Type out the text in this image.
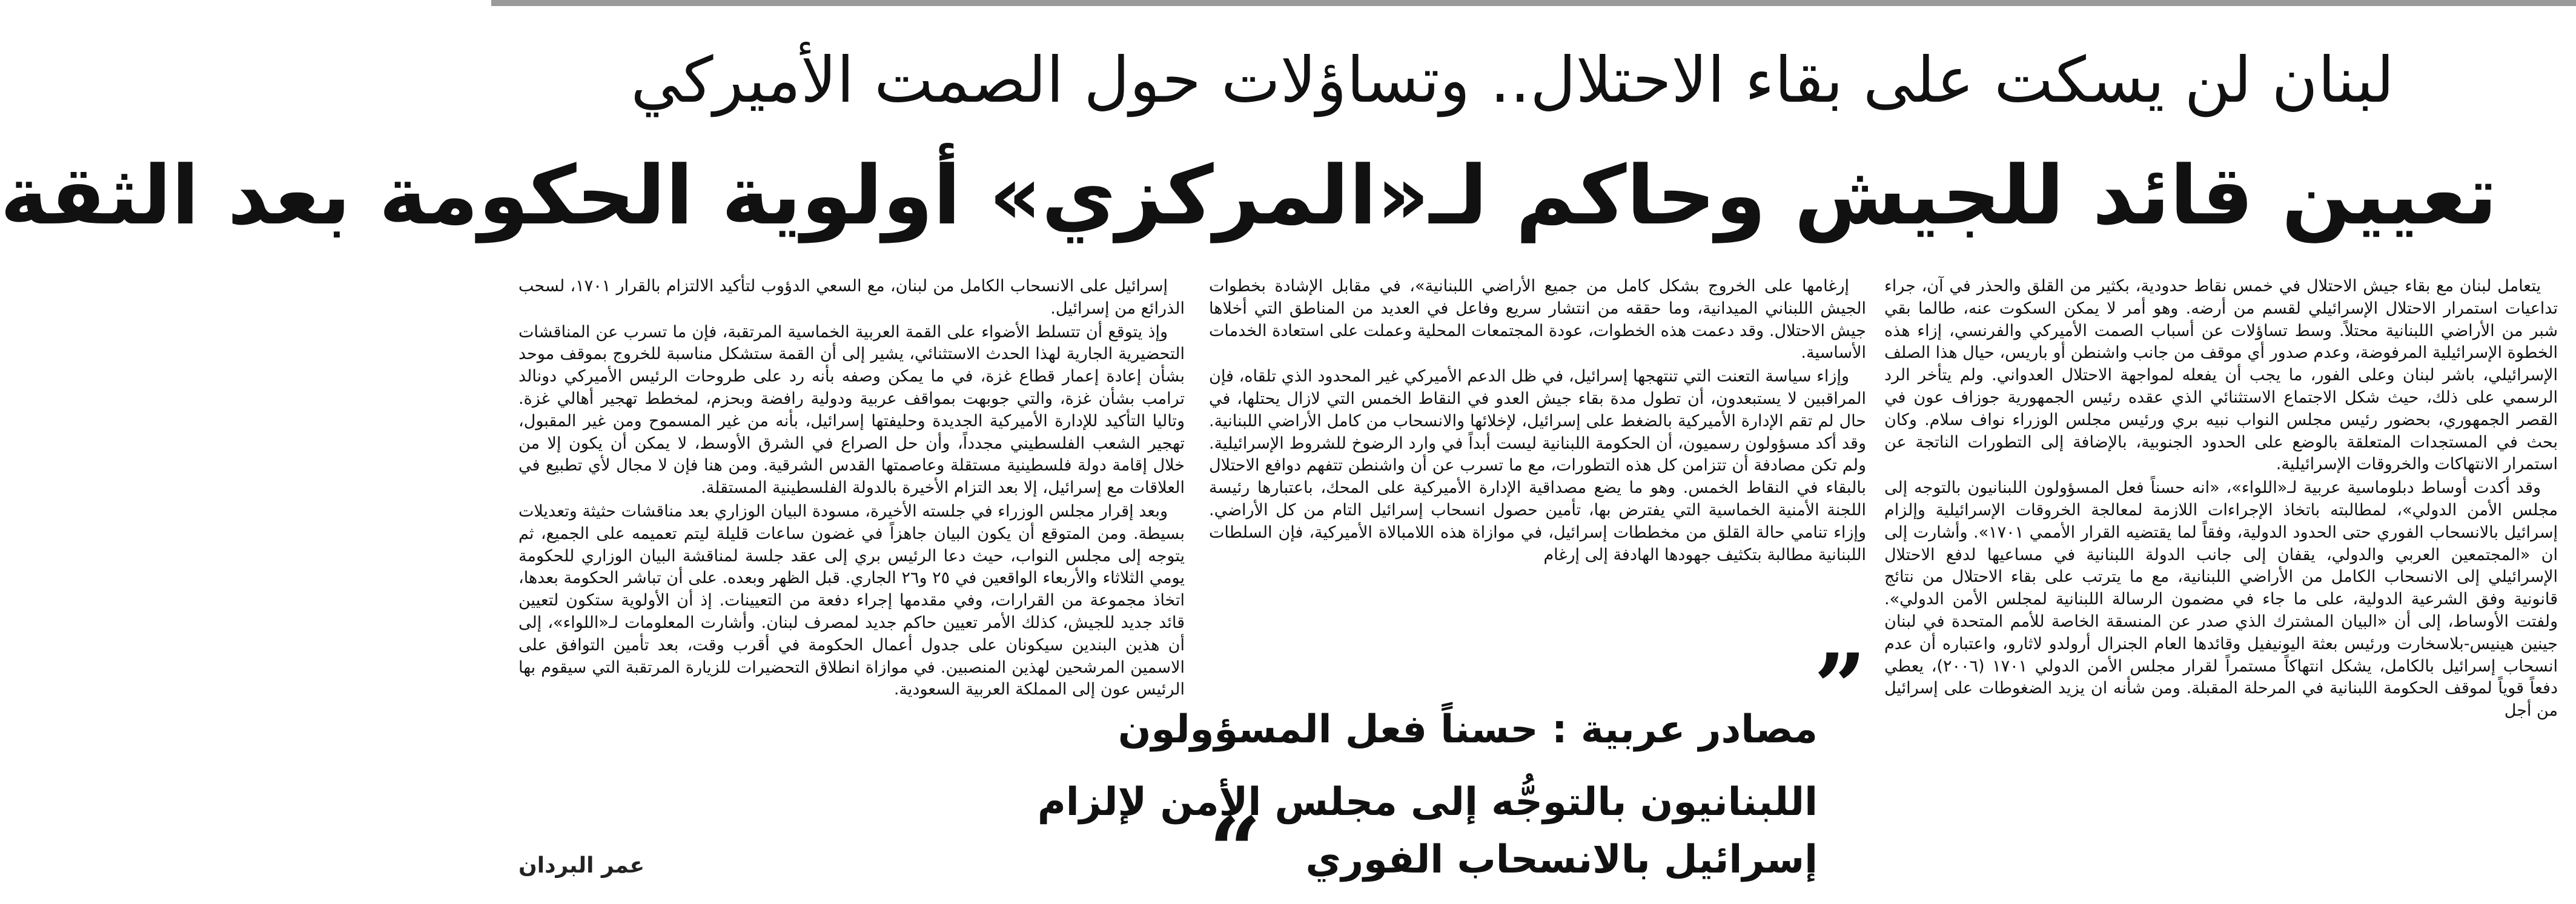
لبنان لن يسكت على بقاء الاحتلال.. وتساؤلات حول الصمت الأميركي
تعيين قائد للجيش وحاكم لـ«المركزي» أولوية الحكومة بعد الثقة

يتعامل لبنان مع بقاء جيش الاحتلال في خمس نقاط حدودية، بكثير من القلق والحذر في آن، جراء تداعيات استمرار الاحتلال الإسرائيلي لقسم من أرضه. وهو أمر لا يمكن السكوت عنه، طالما بقي شبر من الأراضي اللبنانية محتلاً. وسط تساؤلات عن أسباب الصمت الأميركي والفرنسي، إزاء هذه الخطوة الإسرائيلية المرفوضة، وعدم صدور أي موقف من جانب واشنطن أو باريس، حيال هذا الصلف الإسرائيلي، باشر لبنان وعلى الفور، ما يجب أن يفعله لمواجهة الاحتلال العدواني. ولم يتأخر الرد الرسمي على ذلك، حيث شكل الاجتماع الاستثنائي الذي عقده رئيس الجمهورية جوزاف عون في القصر الجمهوري، بحضور رئيس مجلس النواب نبيه بري ورئيس مجلس الوزراء نواف سلام. وكان بحث في المستجدات المتعلقة بالوضع على الحدود الجنوبية، بالإضافة إلى التطورات الناتجة عن استمرار الانتهاكات والخروقات الإسرائيلية.

وقد أكدت أوساط دبلوماسية عربية لـ«اللواء»، «انه حسناً فعل المسؤولون اللبنانيون بالتوجه إلى مجلس الأمن الدولي»، لمطالبته باتخاذ الإجراءات اللازمة لمعالجة الخروقات الإسرائيلية وإلزام إسرائيل بالانسحاب الفوري حتى الحدود الدولية، وفقاً لما يقتضيه القرار الأممي ١٧٠١». وأشارت إلى ان «المجتمعين العربي والدولي، يقفان إلى جانب الدولة اللبنانية في مساعيها لدفع الاحتلال الإسرائيلي إلى الانسحاب الكامل من الأراضي اللبنانية، مع ما يترتب على بقاء الاحتلال من نتائج قانونية وفق الشرعية الدولية، على ما جاء في مضمون الرسالة اللبنانية لمجلس الأمن الدولي». ولفتت الأوساط، إلى أن «البيان المشترك الذي صدر عن المنسقة الخاصة للأمم المتحدة في لبنان جينين هينيس-بلاسخارت ورئيس بعثة اليونيفيل وقائدها العام الجنرال أرولدو لاثارو، واعتباره أن عدم انسحاب إسرائيل بالكامل، يشكل انتهاكاً مستمراً لقرار مجلس الأمن الدولي ١٧٠١ (٢٠٠٦)، يعطي دفعاً قوياً لموقف الحكومة اللبنانية في المرحلة المقبلة. ومن شأنه ان يزيد الضغوطات على إسرائيل من أجل

إرغامها على الخروج بشكل كامل من جميع الأراضي اللبنانية»، في مقابل الإشادة بخطوات الجيش اللبناني الميدانية، وما حققه من انتشار سريع وفاعل في العديد من المناطق التي أخلاها جيش الاحتلال. وقد دعمت هذه الخطوات، عودة المجتمعات المحلية وعملت على استعادة الخدمات الأساسية.

وإزاء سياسة التعنت التي تنتهجها إسرائيل، في ظل الدعم الأميركي غير المحدود الذي تلقاه، فإن المراقبين لا يستبعدون، أن تطول مدة بقاء جيش العدو في النقاط الخمس التي لازال يحتلها، في حال لم تقم الإدارة الأميركية بالضغط على إسرائيل، لإخلائها والانسحاب من كامل الأراضي اللبنانية. وقد أكد مسؤولون رسميون، أن الحكومة اللبنانية ليست أبداً في وارد الرضوخ للشروط الإسرائيلية. ولم تكن مصادفة أن تتزامن كل هذه التطورات، مع ما تسرب عن أن واشنطن تتفهم دوافع الاحتلال بالبقاء في النقاط الخمس. وهو ما يضع مصداقية الإدارة الأميركية على المحك، باعتبارها رئيسة اللجنة الأمنية الخماسية التي يفترض بها، تأمين حصول انسحاب إسرائيل التام من كل الأراضي. وإزاء تنامي حالة القلق من مخططات إسرائيل، في موازاة هذه اللامبالاة الأميركية، فإن السلطات اللبنانية مطالبة بتكثيف جهودها الهادفة إلى إرغام

”
مصادر عربية : حسناً فعل المسؤولون
اللبنانيون بالتوجُّه إلى مجلس الأمن لإلزام
إسرائيل بالانسحاب الفوري
“

إسرائيل على الانسحاب الكامل من لبنان، مع السعي الدؤوب لتأكيد الالتزام بالقرار ١٧٠١، لسحب الذرائع من إسرائيل.

وإذ يتوقع أن تتسلط الأضواء على القمة العربية الخماسية المرتقبة، فإن ما تسرب عن المناقشات التحضيرية الجارية لهذا الحدث الاستثنائي، يشير إلى أن القمة ستشكل مناسبة للخروج بموقف موحد بشأن إعادة إعمار قطاع غزة، في ما يمكن وصفه بأنه رد على طروحات الرئيس الأميركي دونالد ترامب بشأن غزة، والتي جوبهت بمواقف عربية ودولية رافضة وبحزم، لمخطط تهجير أهالي غزة. وتاليا التأكيد للإدارة الأميركية الجديدة وحليفتها إسرائيل، بأنه من غير المسموح ومن غير المقبول، تهجير الشعب الفلسطيني مجدداً، وأن حل الصراع في الشرق الأوسط، لا يمكن أن يكون إلا من خلال إقامة دولة فلسطينية مستقلة وعاصمتها القدس الشرقية. ومن هنا فإن لا مجال لأي تطبيع في العلاقات مع إسرائيل، إلا بعد التزام الأخيرة بالدولة الفلسطينية المستقلة.

وبعد إقرار مجلس الوزراء في جلسته الأخيرة، مسودة البيان الوزاري بعد مناقشات حثيثة وتعديلات بسيطة. ومن المتوقع أن يكون البيان جاهزاً في غضون ساعات قليلة ليتم تعميمه على الجميع، ثم يتوجه إلى مجلس النواب، حيث دعا الرئيس بري إلى عقد جلسة لمناقشة البيان الوزاري للحكومة يومي الثلاثاء والأربعاء الواقعين في ٢٥ و٢٦ الجاري. قبل الظهر وبعده. على أن تباشر الحكومة بعدها، اتخاذ مجموعة من القرارات، وفي مقدمها إجراء دفعة من التعيينات. إذ أن الأولوية ستكون لتعيين قائد جديد للجيش، كذلك الأمر تعيين حاكم جديد لمصرف لبنان. وأشارت المعلومات لـ«اللواء»، إلى أن هذين البندين سيكونان على جدول أعمال الحكومة في أقرب وقت، بعد تأمين التوافق على الاسمين المرشحين لهذين المنصبين. في موازاة انطلاق التحضيرات للزيارة المرتقبة التي سيقوم بها الرئيس عون إلى المملكة العربية السعودية.

عمر البردان
